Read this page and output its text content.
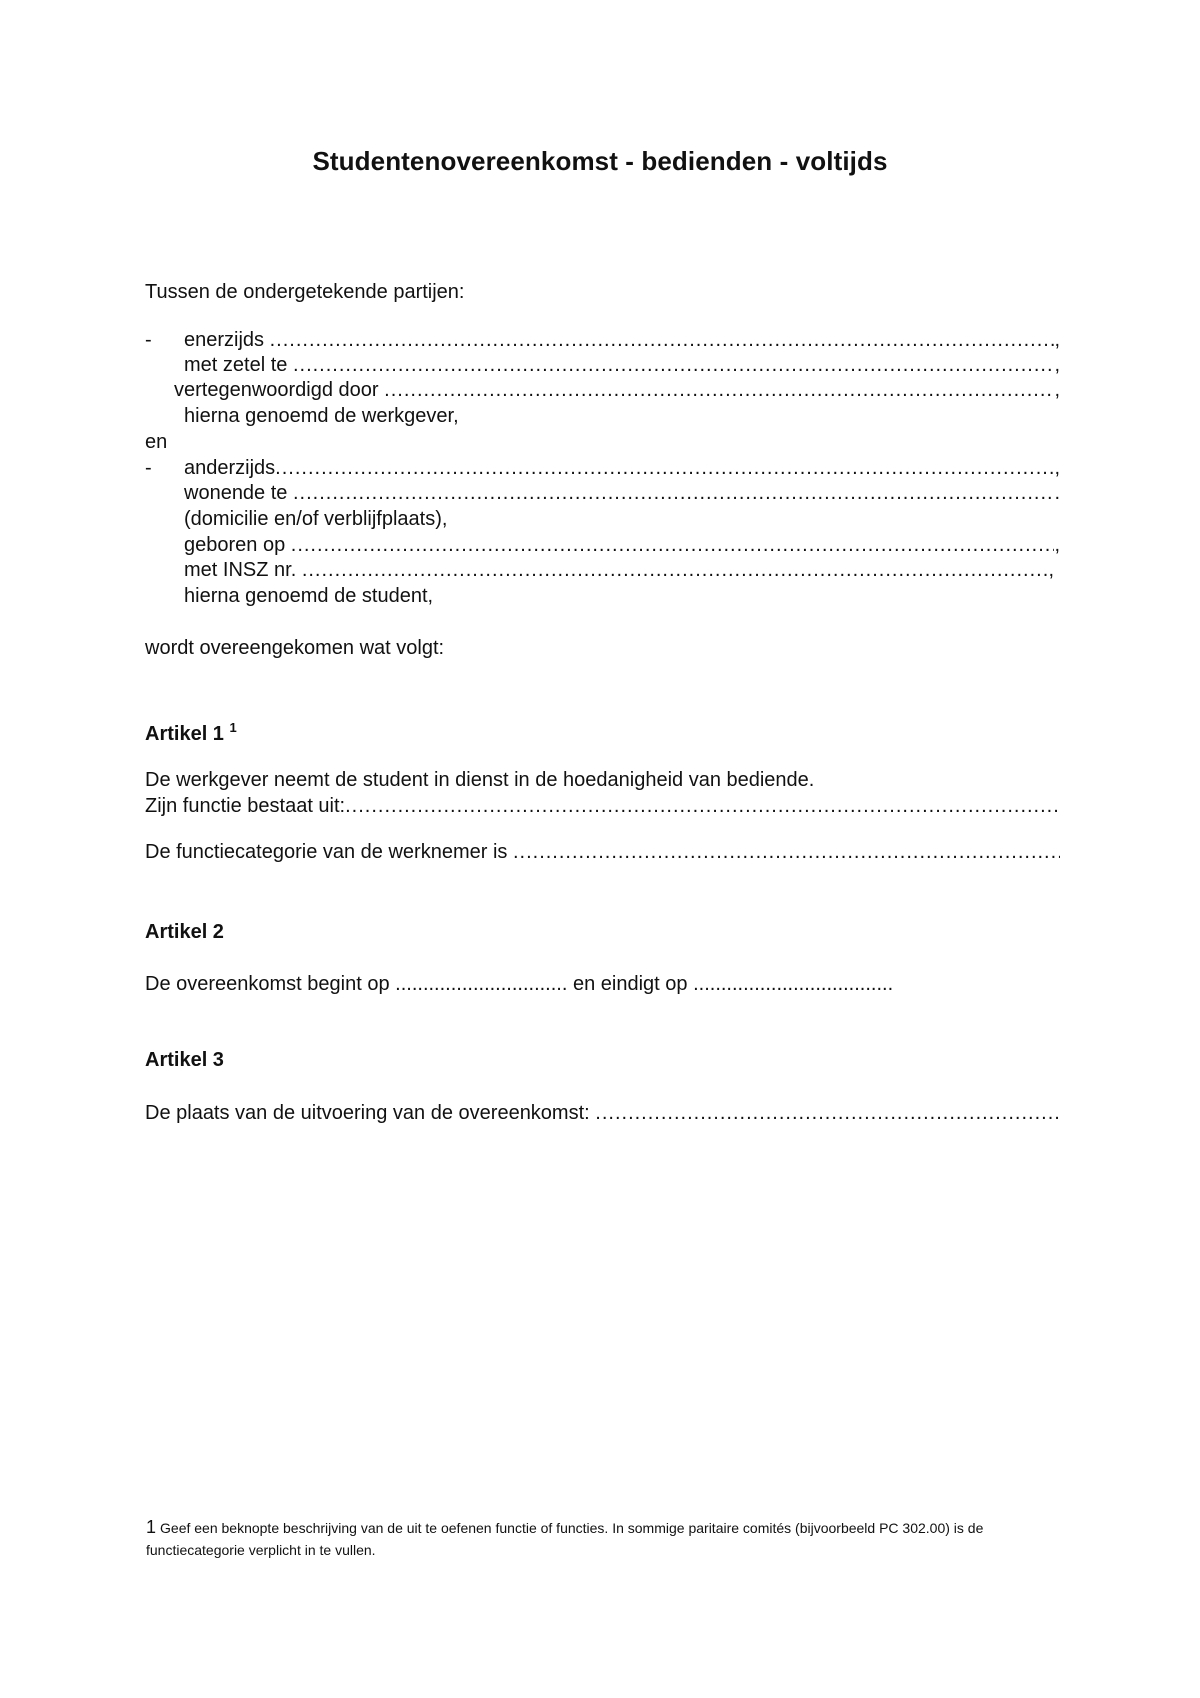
Studentenovereenkomst - bedienden - voltijds
Tussen de ondergetekende partijen:
- enerzijds
.....	,
met zetel te
.....	,
vertegenwoordigd door
.....	,
hierna genoemd de werkgever,
en
- anderzijds .....	,
wonende te
.....	.
(domicilie en/of verblijfplaats),
geboren op
.....	,
met INSZ nr.
.....	,
hierna genoemd de student,
wordt overeengekomen wat volgt:
Artikel 1 $^1$
De werkgever neemt de student in dienst in de hoedanigheid van bediende.
Zijn functie bestaat uit:
.....
De functiecategorie van de werknemer is

.....
Artikel 2
De overeenkomst begint op ............................... en eindigt op ....................................
Artikel 3
De plaats van de uitvoering van de overeenkomst:

.....
1 Geef een beknopte beschrijving van de uit te oefenen functie of functies. In sommige paritaire comités (bijvoorbeeld PC 302.00) is de functiecategorie verplicht in te vullen.
